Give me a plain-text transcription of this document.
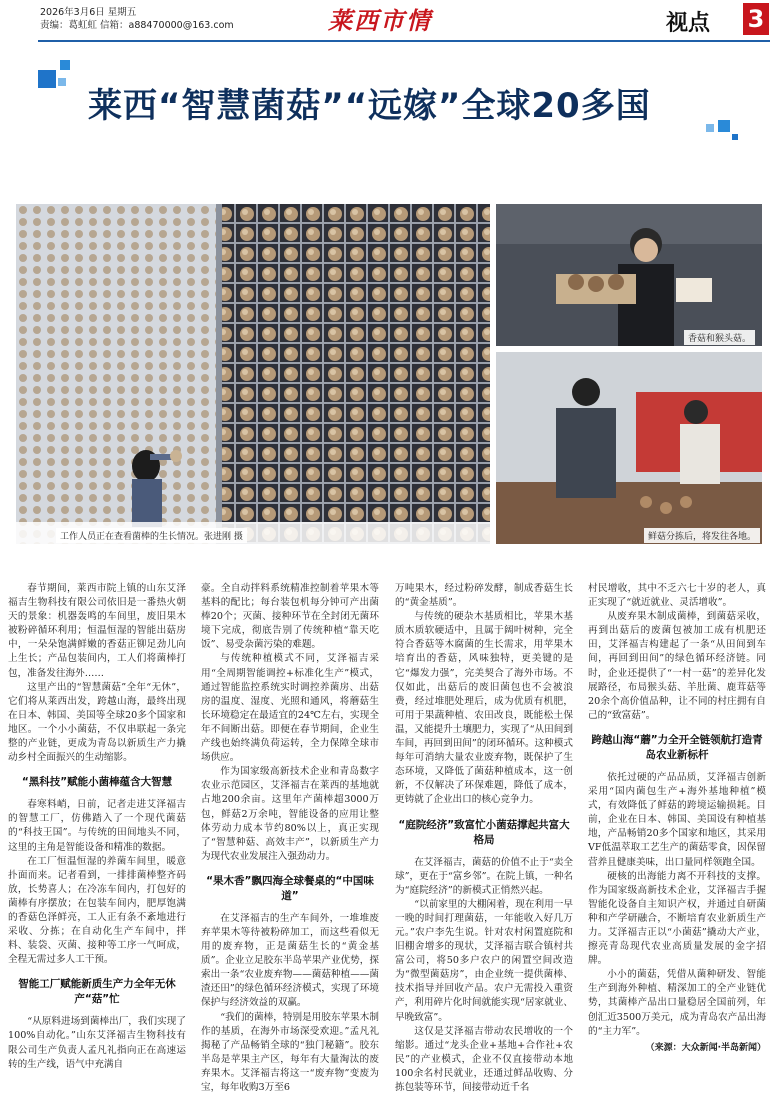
2026年3月6日 星期五
责编：葛虹虹 信箱：a88470000@163.com	莱西市情	视点 3
莱西“智慧菌菇”“远嫁”全球20多国
工作人员正在查看菌棒的生长情况。张进刚 摄
香菇和猴头菇。
鲜菇分拣后，将发往各地。

春节期间，莱西市院上镇的山东艾泽福吉生物科技有限公司依旧是一番热火朝天的景象：机器轰鸣的车间里，废旧果木被粉碎循环利用；恒温恒湿的智能出菇房中，一朵朵饱满鲜嫩的香菇正铆足劲儿向上生长；产品包装间内，工人们将菌棒打包，准备发往海外……

这里产出的“智慧菌菇”全年“无休”，它们将从莱西出发，跨越山海，最终出现在日本、韩国、美国等全球20多个国家和地区。一个小小菌菇，不仅串联起一条完整的产业链，更成为青岛以新质生产力撬动乡村全面振兴的生动缩影。

“黑科技”赋能小菌棒蕴含大智慧

春寒料峭，日前，记者走进艾泽福吉的智慧工厂，仿佛踏入了一个现代菌菇的“科技王国”。与传统的田间地头不同，这里的主角是智能设备和精准的数据。

在工厂恒温恒湿的养菌车间里，暖意扑面而来。记者看到，一排排菌棒整齐码放，长势喜人；在冷冻车间内，打包好的菌棒有序摆放；在包装车间内，肥厚饱满的香菇色泽鲜亮，工人正有条不紊地进行采收、分拣；在自动化生产车间中，拌料、装袋、灭菌、接种等工序一气呵成，全程无需过多人工干预。

智能工厂赋能新质生产力全年无休产“菇”忙

“从原料进场到菌棒出厂，我们实现了100%自动化。”山东艾泽福吉生物科技有限公司生产负责人孟凡礼指向正在高速运转的生产线，语气中充满自

豪。全自动拌料系统精准控制着苹果木等基料的配比；每台装包机每分钟可产出菌棒20个；灭菌、接种环节在全封闭无菌环境下完成，彻底告别了传统种植“靠天吃饭”、易受杂菌污染的难题。

与传统种植模式不同，艾泽福吉采用“全周期智能调控+标准化生产”模式，通过智能监控系统实时调控养菌房、出菇房的温度、湿度、光照和通风，将蘑菇生长环境稳定在最适宜的24℃左右，实现全年不间断出菇。即便在春节期间，企业生产线也始终满负荷运转，全力保障全球市场供应。

作为国家级高新技术企业和青岛数字农业示范园区，艾泽福吉在莱西的基地就占地200余亩。这里年产菌棒超3000万包，鲜菇2万余吨，智能设备的应用让整体劳动力成本节约80%以上，真正实现了“智慧种菇、高效丰产”，以新质生产力为现代农业发展注入强劲动力。

“果木香”飘四海全球餐桌的“中国味道”

在艾泽福吉的生产车间外，一堆堆废弃苹果木等待被粉碎加工，而这些看似无用的废弃物，正是菌菇生长的“黄金基质”。企业立足胶东半岛苹果产业优势，探索出一条“农业废弃物——菌菇种植——菌渣还田”的绿色循环经济模式，实现了环境保护与经济效益的双赢。

“我们的菌棒，特别是用胶东苹果木制作的基质，在海外市场深受欢迎。”孟凡礼揭秘了产品畅销全球的“独门秘籍”。胶东半岛是苹果主产区，每年有大量淘汰的废弃果木。艾泽福吉将这一“废弃物”变废为宝，每年收购3万至6

万吨果木，经过粉碎发酵，制成香菇生长的“黄金基质”。

与传统的硬杂木基质相比，苹果木基质木质软硬适中，且属于阔叶树种，完全符合香菇等木腐菌的生长需求，用苹果木培育出的香菇，风味独特，更美键的是它“爆发力强”，完美契合了海外市场。不仅如此，出菇后的废旧菌包也不会被浪费，经过堆肥处理后，成为优质有机肥，可用于果蔬种植、农田改良，既能松土保温，又能提升土壤肥力，实现了“从田间到车间，再回到田间”的闭环循环。这种模式每年可消纳大量农业废弃物，既保护了生态环境，又降低了菌菇种植成本，这一创新，不仅解决了环保难题，降低了成本，更铸就了企业出口的核心竞争力。

“庭院经济”致富忙小菌菇撑起共富大格局

在艾泽福吉，菌菇的价值不止于“卖全球”，更在于“富乡邻”。在院上镇，一种名为“庭院经济”的新模式正悄然兴起。

“以前家里的大棚闲着，现在利用一早一晚的时间打理菌菇，一年能收入好几万元。”农户李先生说。针对农村闲置庭院和旧棚舍增多的现状，艾泽福吉联合镇村共富公司，将50多户农户的闲置空间改造为“微型菌菇房”，由企业统一提供菌棒、技术指导并回收产品。农户无需投入重资产，利用碎片化时间就能实现“居家就业、早晚致富”。

这仅是艾泽福吉带动农民增收的一个缩影。通过“龙头企业+基地+合作社+农民”的产业模式，企业不仅直接带动本地100余名村民就业，还通过鲜品收购、分拣包装等环节，间接带动近千名

村民增收，其中不乏六七十岁的老人，真正实现了“就近就业、灵活增收”。

从废弃果木制成菌棒，到菌菇采收，再到出菇后的废菌包被加工成有机肥还田，艾泽福吉构建起了一条“从田间到车间，再回到田间”的绿色循环经济链。同时，企业还提供了“一村一菇”的差异化发展路径，布局猴头菇、羊肚菌、鹿茸菇等20余个高价值品种，让不同的村庄拥有自己的“致富菇”。

跨越山海“蘑”力全开全链领航打造青岛农业新标杆

依托过硬的产品品质，艾泽福吉创新采用“国内菌包生产+海外基地种植”模式，有效降低了鲜菇的跨境运输损耗。目前，企业在日本、韩国、美国设有种植基地，产品畅销20多个国家和地区，其采用VF低温萃取工艺生产的菌菇零食，因保留营养且健康美味，出口量同样领跑全国。

硬核的出海能力离不开科技的支撑。作为国家级高新技术企业，艾泽福吉手握智能化设备自主知识产权，并通过自研菌种和产学研融合，不断培育农业新质生产力。艾泽福吉正以“小菌菇”撬动大产业，擦亮青岛现代农业高质量发展的金字招牌。

小小的菌菇，凭借从菌种研发、智能生产到海外种植、精深加工的全产业链优势，其菌棒产品出口量稳居全国前列，年创汇近3500万美元，成为青岛农产品出海的“主力军”。

（来源：大众新闻·半岛新闻）
